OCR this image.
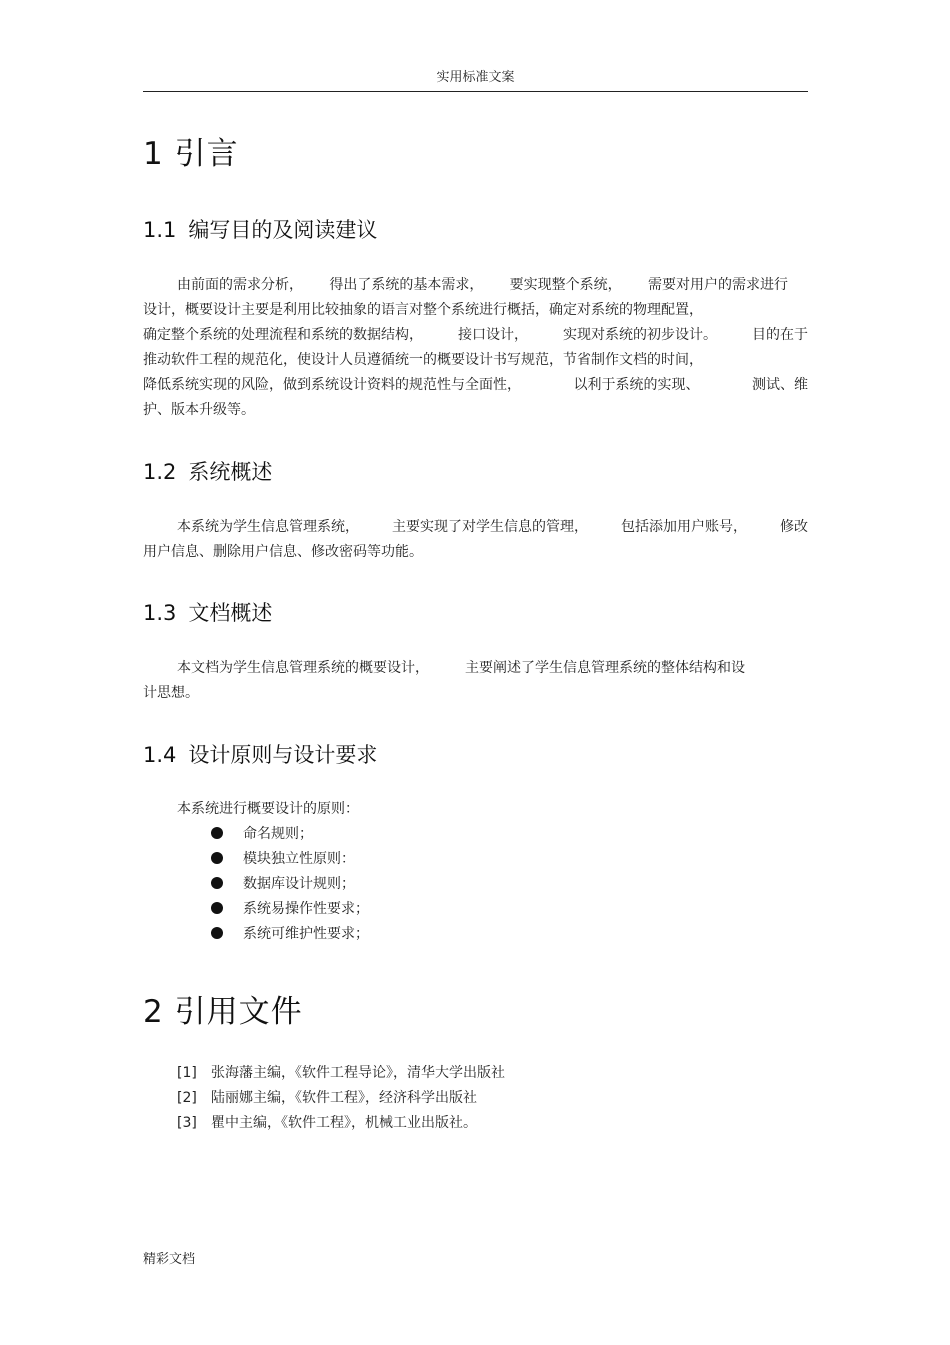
实用标准文案
1 引言
1.1 编写目的及阅读建议
由前面的需求分析， 得出了系统的基本需求， 要实现整个系统， 需要对用户的需求进行
设计，概要设计主要是利用比较抽象的语言对整个系统进行概括，确定对系统的物理配置，
确定整个系统的处理流程和系统的数据结构，	接口设计，	实现对系统的初步设计。	目的在于
推动软件工程的规范化，使设计人员遵循统一的概要设计书写规范，节省制作文档的时间，
降低系统实现的风险，做到系统设计资料的规范性与全面性，	以利于系统的实现、	测试、维
护、版本升级等。
1.2 系统概述
本系统为学生信息管理系统， 主要实现了对学生信息的管理， 包括添加用户账号， 修改
用户信息、删除用户信息、修改密码等功能。
1.3 文档概述
本文档为学生信息管理系统的概要设计，	主要阐述了学生信息管理系统的整体结构和设
计思想。
1.4 设计原则与设计要求
本系统进行概要设计的原则：
命名规则；
模块独立性原则：
数据库设计规则；
系统易操作性要求；
系统可维护性要求；
2 引用文件
[1] 张海藩主编，《软件工程导论》，清华大学出版社
[2] 陆丽娜主编，《软件工程》，经济科学出版社
[3] 瞿中主编，《软件工程》，机械工业出版社。
精彩文档
